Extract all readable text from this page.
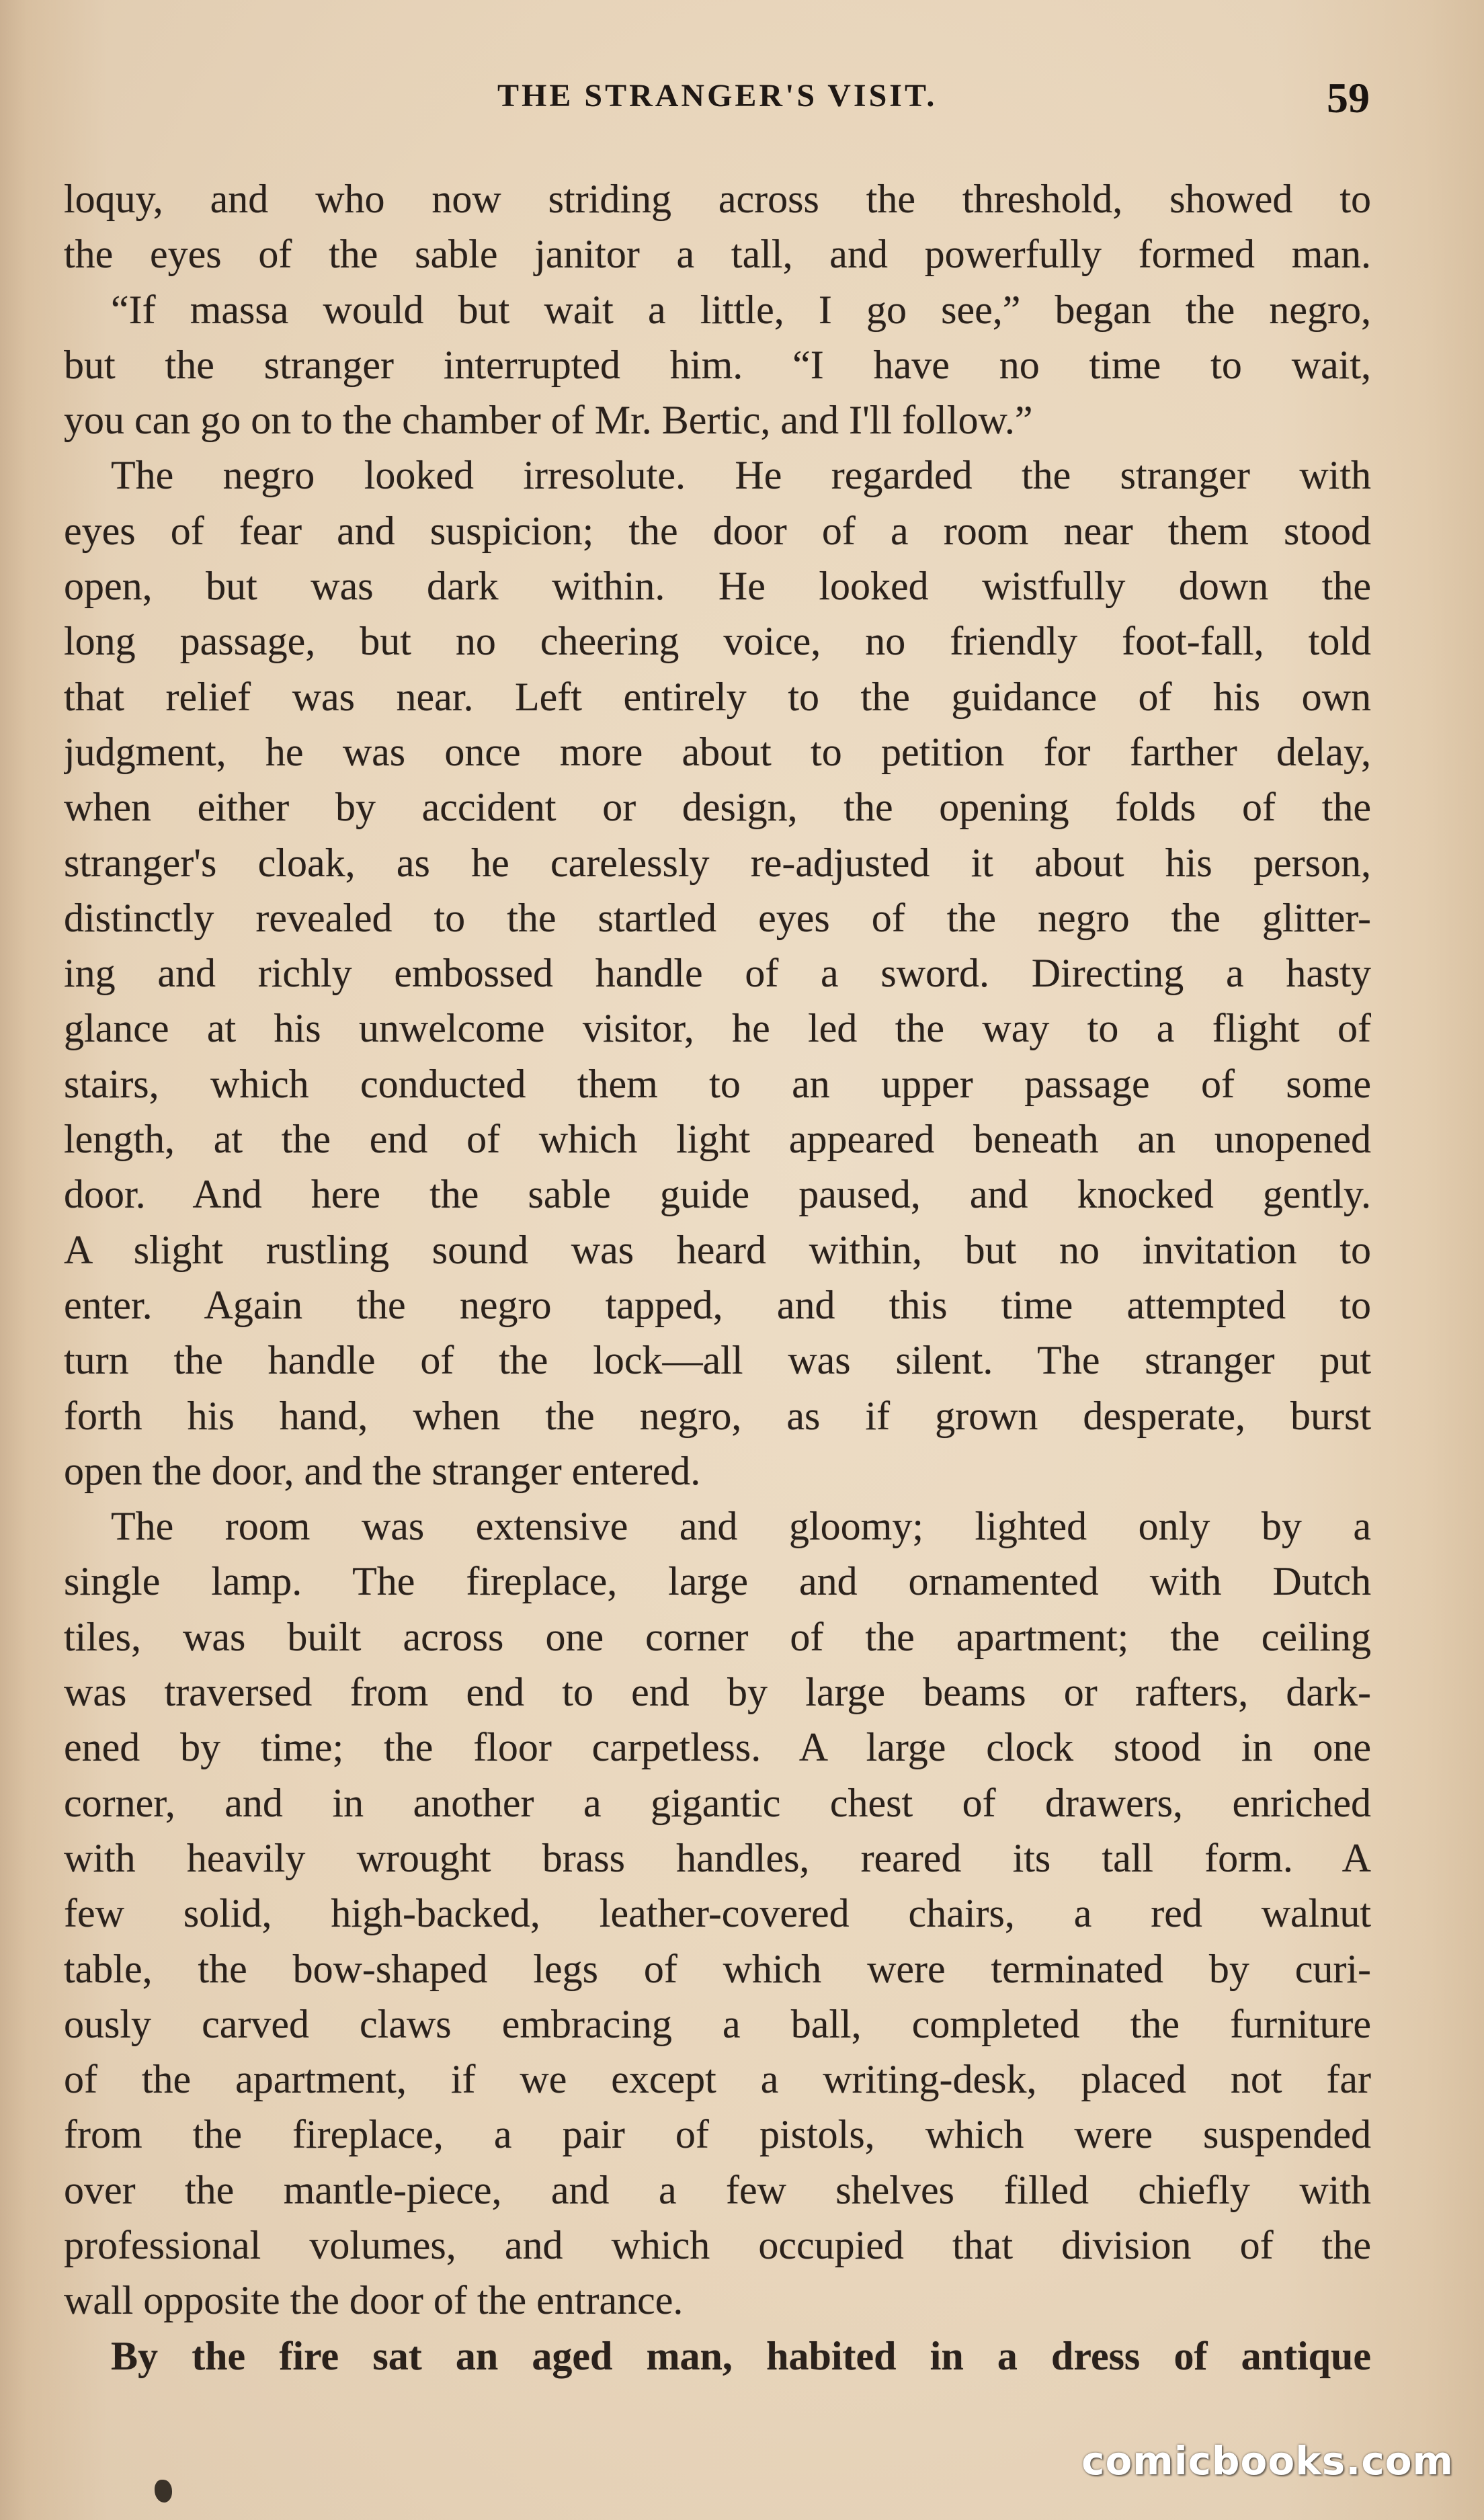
THE STRANGER'S VISIT.	59
loquy, and who now striding across the threshold, showed to
the eyes of the sable janitor a tall, and powerfully formed man.
“If massa would but wait a little, I go see,” began the negro,
but the stranger interrupted him. “I have no time to wait,
you can go on to the chamber of Mr. Bertic, and I'll follow.”
The negro looked irresolute. He regarded the stranger with
eyes of fear and suspicion; the door of a room near them stood
open, but was dark within. He looked wistfully down the
long passage, but no cheering voice, no friendly foot-fall, told
that relief was near. Left entirely to the guidance of his own
judgment, he was once more about to petition for farther delay,
when either by accident or design, the opening folds of the
stranger's cloak, as he carelessly re-adjusted it about his person,
distinctly revealed to the startled eyes of the negro the glitter-
ing and richly embossed handle of a sword. Directing a hasty
glance at his unwelcome visitor, he led the way to a flight of
stairs, which conducted them to an upper passage of some
length, at the end of which light appeared beneath an unopened
door. And here the sable guide paused, and knocked gently.
A slight rustling sound was heard within, but no invitation to
enter. Again the negro tapped, and this time attempted to
turn the handle of the lock—all was silent. The stranger put
forth his hand, when the negro, as if grown desperate, burst
open the door, and the stranger entered.
The room was extensive and gloomy; lighted only by a
single lamp. The fireplace, large and ornamented with Dutch
tiles, was built across one corner of the apartment; the ceiling
was traversed from end to end by large beams or rafters, dark-
ened by time; the floor carpetless. A large clock stood in one
corner, and in another a gigantic chest of drawers, enriched
with heavily wrought brass handles, reared its tall form. A
few solid, high-backed, leather-covered chairs, a red walnut
table, the bow-shaped legs of which were terminated by curi-
ously carved claws embracing a ball, completed the furniture
of the apartment, if we except a writing-desk, placed not far
from the fireplace, a pair of pistols, which were suspended
over the mantle-piece, and a few shelves filled chiefly with
professional volumes, and which occupied that division of the
wall opposite the door of the entrance.
By the fire sat an aged man, habited in a dress of antique
comicbooks.com
